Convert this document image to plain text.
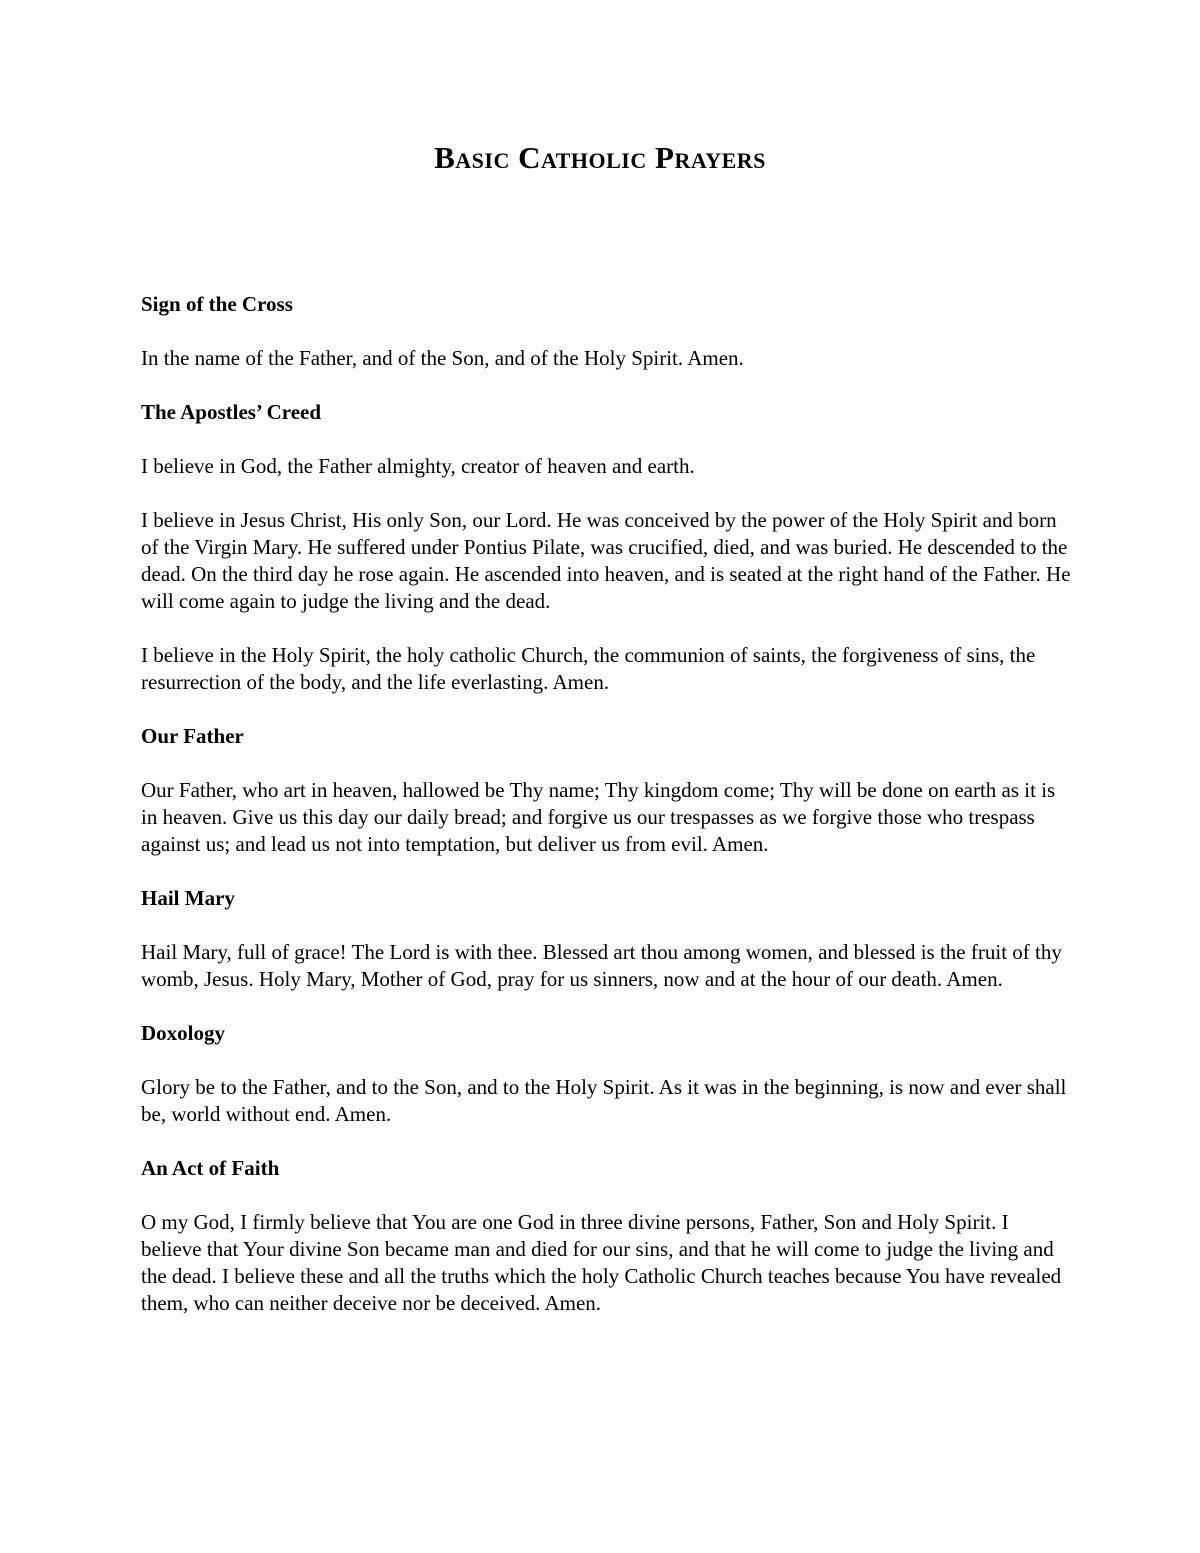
Basic Catholic Prayers

Sign of the Cross

In the name of the Father, and of the Son, and of the Holy Spirit. Amen.

The Apostles’ Creed

I believe in God, the Father almighty, creator of heaven and earth.

I believe in Jesus Christ, His only Son, our Lord. He was conceived by the power of the Holy Spirit and born of the Virgin Mary. He suffered under Pontius Pilate, was crucified, died, and was buried. He descended to the dead. On the third day he rose again. He ascended into heaven, and is seated at the right hand of the Father. He will come again to judge the living and the dead.

I believe in the Holy Spirit, the holy catholic Church, the communion of saints, the forgiveness of sins, the resurrection of the body, and the life everlasting. Amen.

Our Father

Our Father, who art in heaven, hallowed be Thy name; Thy kingdom come; Thy will be done on earth as it is in heaven. Give us this day our daily bread; and forgive us our trespasses as we forgive those who trespass against us; and lead us not into temptation, but deliver us from evil. Amen.

Hail Mary

Hail Mary, full of grace! The Lord is with thee. Blessed art thou among women, and blessed is the fruit of thy womb, Jesus. Holy Mary, Mother of God, pray for us sinners, now and at the hour of our death. Amen.

Doxology

Glory be to the Father, and to the Son, and to the Holy Spirit. As it was in the beginning, is now and ever shall be, world without end. Amen.

An Act of Faith

O my God, I firmly believe that You are one God in three divine persons, Father, Son and Holy Spirit. I believe that Your divine Son became man and died for our sins, and that he will come to judge the living and the dead. I believe these and all the truths which the holy Catholic Church teaches because You have revealed them, who can neither deceive nor be deceived. Amen.
